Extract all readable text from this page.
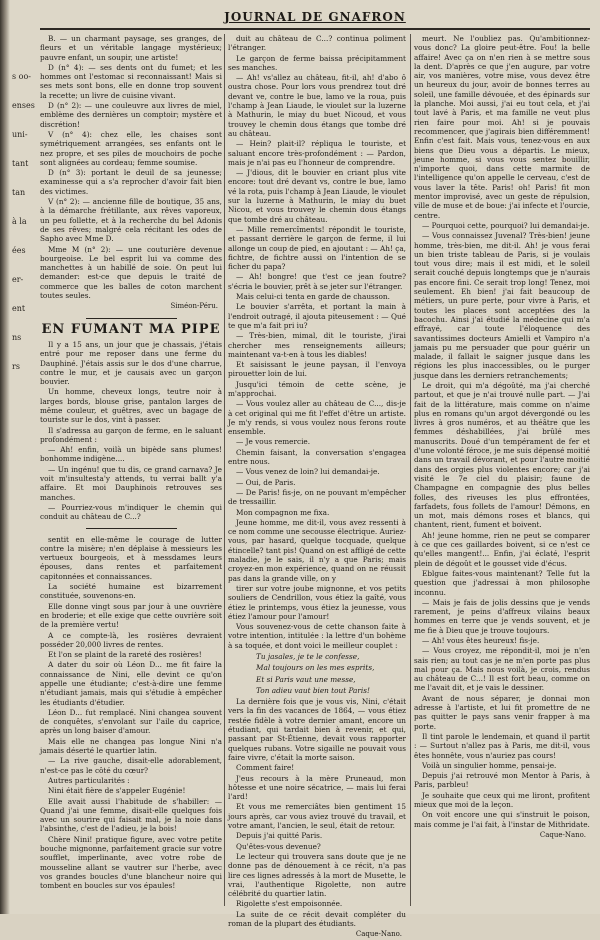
s oo-
enses
uni-
tant
tan
à la
ées
er-
ent
ns
rs
JOURNAL DE GNAFRON

B. — un charmant paysage, ses granges, de fleurs et un véritable langage mystérieux; pauvre enfant, un soupir, une artiste!

D (n° 4): — ses dents ont du fumet; et les hommes ont l'estomac si reconnaissant! Mais si ses mets sont bons, elle en donne trop souvent la recette; un livre de cuisine vivant.

D (n° 2): — une couleuvre aux livres de miel, emblème des dernières un comptoir; mystère et discrétion!

V (n° 4): chez elle, les chaises sont symétriquement arrangées, ses enfants ont le nez propre, et ses piles de mouchoirs de poche sont alignées au cordeau; femme soumise.

D (n° 3): portant le deuil de sa jeunesse; examinesse qui a s'a reprocher d'avoir fait bien des victimes.

V (n° 2): — ancienne fille de boutique, 35 ans, à la démarche frétillante, aux rêves vaporeux, un peu follette, et à la recherche du bel Adonis de ses rêves; malgré cela récitant les odes de Sapho avec Mme D.

Mme M (n° 2): — une couturière devenue bourgeoise. Le bel esprit lui va comme des manchettes à un habillé de soie. On peut lui demander: est-ce que depuis le traité de commerce que les balles de coton marchent toutes seules.

Siméon-Péru.
EN FUMANT MA PIPE

Il y a 15 ans, un jour que je chassais, j'étais entré pour me reposer dans une ferme du Dauphiné. J'étais assis sur le dos d'une charrue, contre le mur, et je causais avec un garçon bouvier.

Un homme, cheveux longs, teutre noir à larges bords, blouse grise, pantalon larges de même couleur, et guêtres, avec un bagage de touriste sur le dos, vint à passer.

Il s'adressa au garçon de ferme, en le saluant profondément :

— Ah! enfin, voilà un bipède sans plumes! bonhomme indigène....

— Un ingénu! que tu dis, ce grand carnava? Je voit m'insultesta'y attends, tu verrai ballt y'a affaire. Et moi Dauphinois retrouves ses manches.

— Pourriez-vous m'indiquer le chemin qui conduit au château de C...?

sentit en elle-même le courage de lutter contre la misère; n'en déplaise à messieurs les vertueux bourgeois, et à messdames leurs épouses, dans rentes et parfaitement capitonnées et connaissances.

La société humaine est bizarrement constituée, souvenons-en.

Elle donne vingt sous par jour à une ouvrière en broderie; et elle exige que cette ouvrière soit de la première vertu!

A ce compte-là, les rosières devraient posséder 20,000 livres de rentes.

Et l'on se plaint de la rareté des rosières!

A dater du soir où Léon D... me fit faire la connaissance de Nini, elle devint ce qu'on appelle une étudiante; c'est-à-dire une femme n'étudiant jamais, mais qui s'étudie à empêcher les étudiants d'étudier.

Léon D... fut remplacé. Nini changea souvent de conquêtes, s'envolant sur l'aile du caprice, après un long baiser d'amour.

Mais elle ne changea pas longue Nini n'a jamais déserté le quartier latin.

— La rive gauche, disait-elle adorablement, n'est-ce pas le côté du cœur?

Autres particularités :

Nini était fière de s'appeler Eugénie!

Elle avait aussi l'habitude de s'habiller: — Quand j'ai une femme, disait-elle quelques fois avec un sourire qui faisait mal, je la noie dans l'absinthe, c'est de l'adieu, je la bois!

Chère Nini! pratique figure, avec votre petite bouche mignonne, parfaitement gracie sur votre soufflet, imperlinante, avec votre robe de mousseline allant se vautrer sur l'herbe, avec vos grandes boucles d'une blancheur noire qui tombent en boucles sur vos épaules!

duit au château de C...? continua poliment l'étranger.

Le garçon de ferme baissa précipitamment ses manches.

— Ah! vs'allez au château, fit-il, ah! d'abo ô oustra chose. Pour lors vous prendrez tout dré devant ve, contre le bue, lamo ve la roua, puis l'champ à Jean Liaude, le vioulet sur la luzerne à Mathurin, le miay du buet Nicoud, et vous trouvey le chemin dous étangs que tombe dré au château.

— Hein? plait-il? répliqua le touriste, et saluant encore très-profondément : — Pardon, mais je n'ai pas eu l'honneur de comprendre.

— J'dious, dit le bouvier en criant plus vite encore: tout dré devant vs, contre le bue, lamo vé la rota, puis l'champ à Jean Liaude, le vioulet sur la luzerne à Mathurin, le miay du buet Nicou, et vous trouvey le chemin dous étangs que tombe dré au château.

— Mille remercîments! répondit le touriste, et passant derrière le garçon de ferme, il lui allonge un coup de pied, en ajoutant : — Ah! ça, fichtre, de fichtre aussi on l'intention de se ficher du papa?

— Ah! bongre! que t'est ce jean foutre? s'écria le bouvier, prêt à se jeter sur l'étranger.

Mais celui-ci tenta en garde de chausson.

Le bouvier s'arrêta, et portant la main à l'endroit outragé, il ajouta piteusement : — Qué te que m'a fait pri iu?

— Très-bien, mimal, dit le touriste, j'irai chercher mes renseignements ailleurs; maintenant va-t-en à tous les diables!

Et saisissant le jeune paysan, il l'envoya pirouetter loin de lui.

Jusqu'ici témoin de cette scène, je m'approchai.

— Vous voulez aller au château de C..., dis-je à cet original qui me fit l'effet d'être un artiste. Je m'y rends, si vous voulez nous ferons route ensemble.

— Je vous remercie.

Chemin faisant, la conversation s'engagea entre nous.

— Vous venez de loin? lui demandai-je.

— Oui, de Paris.

— De Paris! fis-je, on ne pouvant m'empêcher de tressaillir.

Mon compagnon me fixa.

Jeune homme, me dit-il, vous avez ressenti à ce nom comme une secousse électrique. Auriez-vous, par hasard, quelque tocquade, quelque étincelle? tant pis! Quand on est affligé de cette maladie, je le sais, il n'y a que Paris; mais croyez-en mon expérience, quand on ne réussit pas dans la grande ville, on y

tirer sur votre joube mignonne, et vos petits souliers de Cendrillon, vous étiez la gaîté, vous étiez le printemps, vous étiez la jeunesse, vous étiez l'amour pour l'amour!

Vous souvenez-vous de cette chanson faite à votre intention, intitulée : la lettre d'un bohème à sa toquée, et dont voici le meilleur couplet :

Tu jasales, je te le confesse,
Mal toujours on les mes esprits,
Et si Paris vaut une messe,
Ton adieu vaut bien tout Paris!

La dernière fois que je vous vis, Nini, c'était vers la fin des vacances de 1864, — vous étiez restée fidèle à votre dernier amant, encore un étudiant, qui tardait bien à revenir, et qui, passant par St-Étienne, devait vous rapporter quelques rubans. Votre sigaille ne pouvait vous faire vivre, c'était la morte saison.

Comment faire!

J'eus recours à la mère Pruneaud, mon hôtesse et une noire sécatrice, — mais lui ferai l'ard!

Et vous me remerciâtes bien gentiment 15 jours après, car vous aviez trouvé du travail, et votre amant, l'ancien, le seul, était de retour.

Depuis j'ai quitté Paris.

Qu'êtes-vous devenue?

Le lecteur qui trouvera sans doute que je ne donne pas de dénouement à ce récit, n'a pas lire ces lignes adressés à la mort de Musette, le vrai, l'authentique Rigolette, non autre célébrité du quartier latin.

Rigolette s'est empoisonnée.

La suite de ce récit devait compléter du roman de la plupart des étudiants.

Caque-Nano.

meurt. Ne l'oubliez pas. Qu'ambitionnez-vous donc? La gloire peut-être. Fou! la belle affaire! Avec ça on n'en rien à se mettre sous la dent. D'après ce que j'en augure, par votre air, vos manières, votre mise, vous devez être un heureux du jour, avoir de bonnes terres au soleil, une famille dévouée, et des épinards sur la planche. Moi aussi, j'ai eu tout cela, et j'ai tout lavé à Paris, et ma famille ne veut plus rien faire pour moi. Ah! si je pouvais recommencer, que j'agirais bien différemment! Enfin c'est fait. Mais vous, tenez-vous en aux biens que Dieu vous a départis. Le mieux, jeune homme, si vous vous sentez bouillir, n'importe quoi, dans cette marmite de l'intelligence qu'on appelle le cerveau, c'est de vous laver la tête. Paris! oh! Paris! fit mon mentor improvisé, avec un geste de répulsion, ville de muse et de boue: j'ai infecte et l'ourcie, centre.

— Pourquoi cette, pourquoi? lui demandai-je.

— Vous connaissez Juvenal? Très-bien! jeune homme, très-bien, me dit-il. Ah! je vous ferai un bien triste tableau de Paris, si je voulais tout vous dire; mais il est midi, et le soleil serait couché depuis longtemps que je n'aurais pas encore fini. Ce serait trop long! Tenez, moi seulement. Eh bien! j'ai fait beaucoup de métiers, un pure perte, pour vivre à Paris, et toutes les places sont acceptées des la bacochu. Ainsi j'ai étudié la médecine qui m'a effrayé, car toute l'éloquence des savantissimes docteurs Amielli et Vampiro n'a jamais pu me persuader que pour guérir un malade, il fallait le saigner jusque dans les régions les plus inaccessibles, ou le purger jusque dans les derniers retranchements;

Le droit, qui m'a dégoûté, ma j'ai cherché partout, et que je n'ai trouvé nulle part. — J'ai fait de la littérature, mais comme on n'aime plus en romans qu'un argot dévergondé ou les livres à gros numéros, et au théâtre que les femmes déshabillées, j'ai brûlé mes manuscrits. Doué d'un tempérament de fer et d'une volonté féroce, je me suis dépensé moitié dans un travail dévorant, et pour l'autre moitié dans des orgies plus violentes encore; car j'ai visité le 7e ciel du plaisir; faune de Champagne en compagnie des plus belles folles, des riveuses les plus effrontées, farfadets, fous follets de l'amour! Démons, en un mot, mais démons roses et blancs, qui chantent, rient, fument et boivent.

Ah! jeune homme, rien ne peut se comparer à ce que ces gaillardes boivent, si ce n'est ce qu'elles mangent!... Enfin, j'ai éclaté, l'esprit plein de dégoût et le gousset vide d'écus.

Eblgue faites-vous maintenant? Telle fut la question que j'adressai à mon philosophe inconnu.

— Mais je fais de jolis dessins que je vends rarement, je peins d'affreux vilains beaux hommes en terre que je vends souvent, et je me fie à Dieu que je trouve toujours.

— Ah! vous êtes heureux! fis-je.

— Vous croyez, me répondit-il, moi je n'en sais rien; au tout cas je ne m'en porte pas plus mal pour ça. Mais nous voilà, je crois, rendus au château de C...! Il est fort beau, comme on me l'avait dit, et je vais le dessiner.

Avant de nous séparer, je donnai mon adresse à l'artiste, et lui fit promettre de ne pas quitter le pays sans venir frapper à ma porte.

Il tint parole le lendemain, et quand il partit : — Surtout n'allez pas à Paris, me dit-il, vous êtes honnête, vous n'auriez pas cours!

Voilà un singulier homme, pensai-je.

Depuis j'ai retrouvé mon Mentor à Paris, à Paris, parbleu!

Je souhaite que ceux qui me liront, profitent mieux que moi de la leçon.

On voit encore une qui s'instruit le poison, mais comme je l'ai fait, à l'instar de Mithridate.

Caque-Nano.
